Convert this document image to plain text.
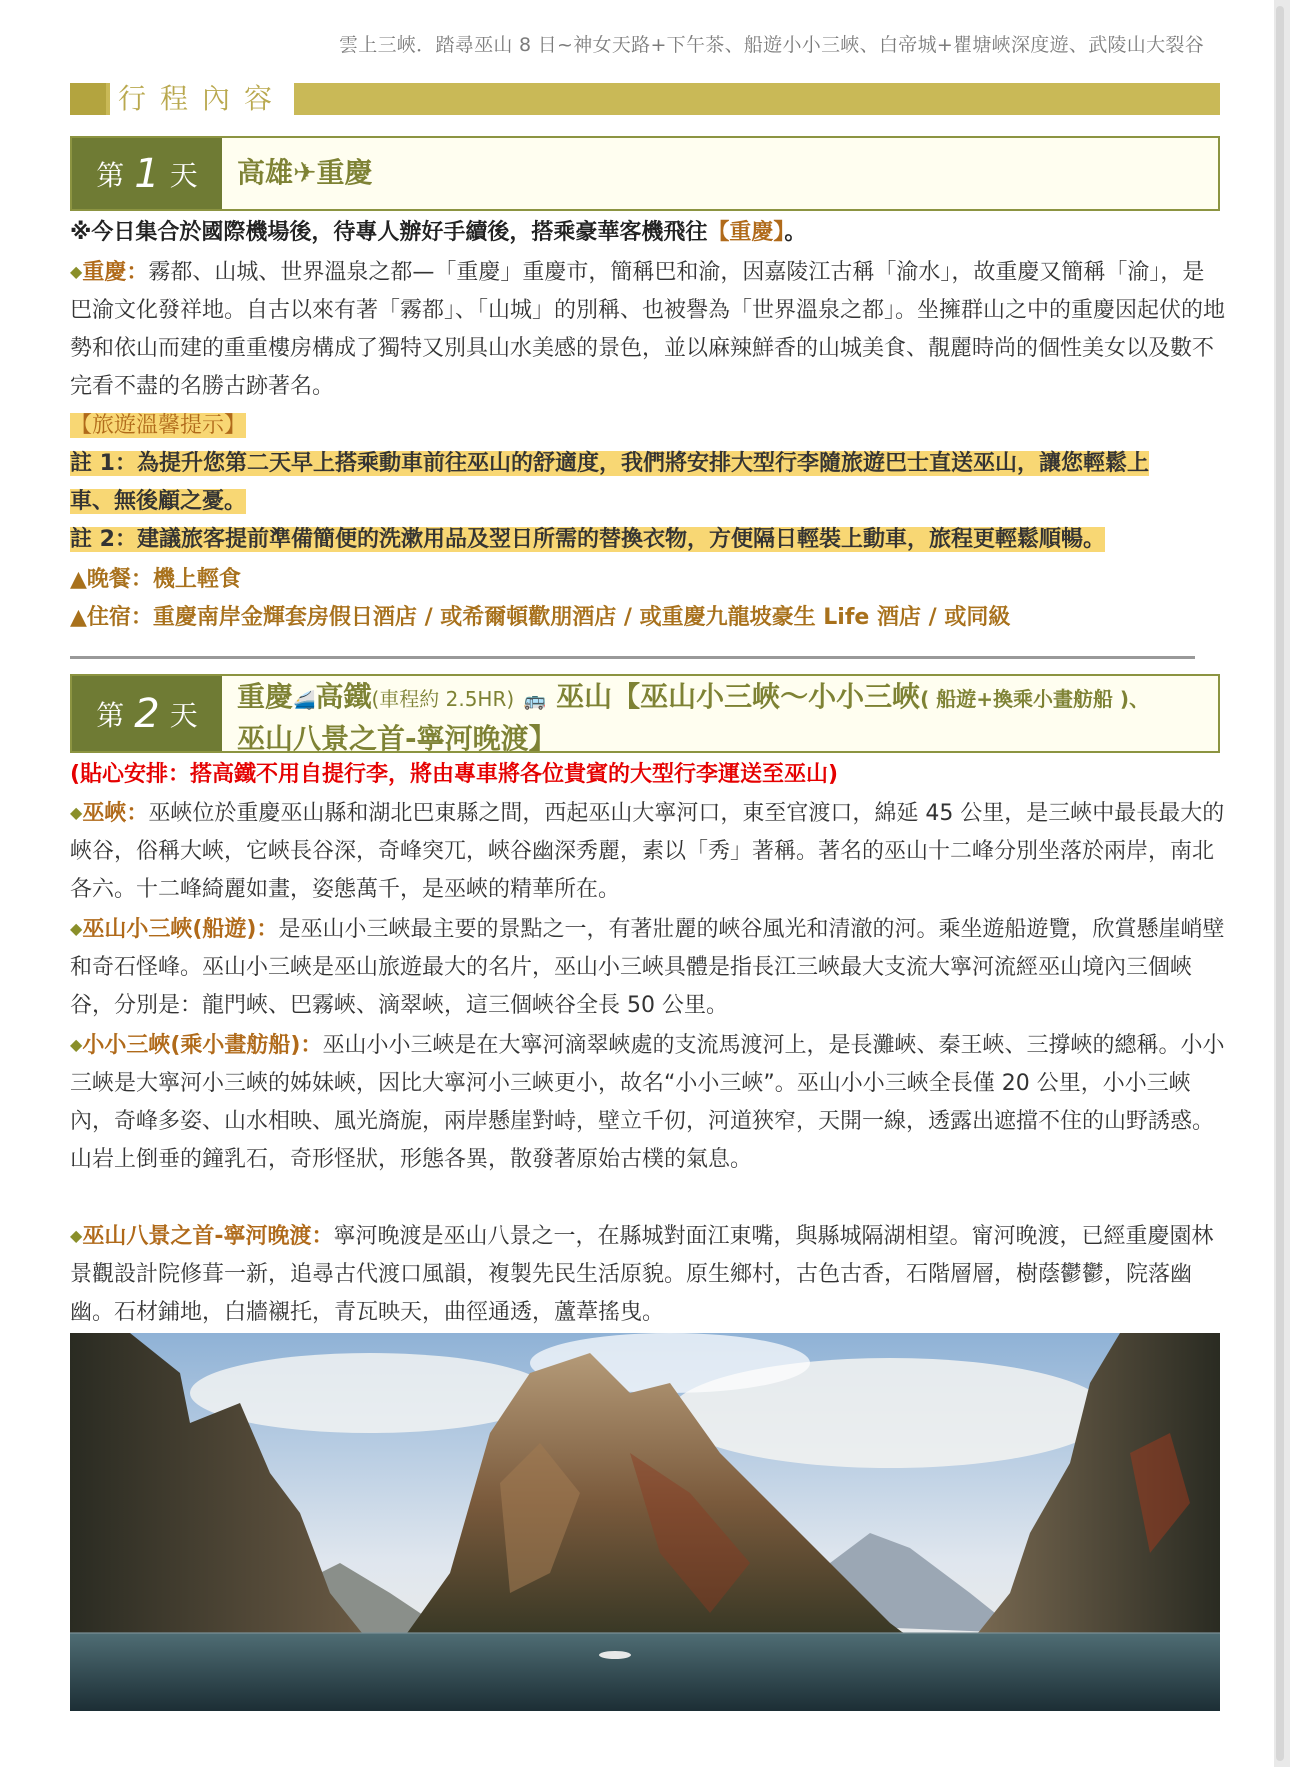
雲上三峽．踏尋巫山 8 日~神女天路+下午茶、船遊小小三峽、白帝城+瞿塘峽深度遊、武陵山大裂谷
行程內容
第 1 天 高雄✈重慶
※今日集合於國際機場後，待專人辦好手續後，搭乘豪華客機飛往【重慶】。
◆重慶：霧都、山城、世界溫泉之都—「重慶」重慶市，簡稱巴和渝，因嘉陵江古稱「渝水」，故重慶又簡稱「渝」，是巴渝文化發祥地。自古以來有著「霧都」、「山城」的別稱、也被譽為「世界溫泉之都」。坐擁群山之中的重慶因起伏的地勢和依山而建的重重樓房構成了獨特又別具山水美感的景色，並以麻辣鮮香的山城美食、靚麗時尚的個性美女以及數不完看不盡的名勝古跡著名。
【旅遊溫馨提示】
註 1：為提升您第二天早上搭乘動車前往巫山的舒適度，我們將安排大型行李隨旅遊巴士直送巫山，讓您輕鬆上
車、無後顧之憂。
註 2：建議旅客提前準備簡便的洗漱用品及翌日所需的替換衣物，方便隔日輕裝上動車，旅程更輕鬆順暢。
▲晚餐：機上輕食
▲住宿：重慶南岸金輝套房假日酒店 / 或希爾頓歡朋酒店 / 或重慶九龍坡豪生 Life 酒店 / 或同級
第 2 天
重慶🚄高鐵(車程約 2.5HR) 🚌 巫山【巫山小三峽～小小三峽( 船遊+換乘小畫舫船 )、
巫山八景之首-寧河晚渡】
(貼心安排：搭高鐵不用自提行李，將由專車將各位貴賓的大型行李運送至巫山)
◆巫峽：巫峽位於重慶巫山縣和湖北巴東縣之間，西起巫山大寧河口，東至官渡口，綿延 45 公里，是三峽中最長最大的峽谷，俗稱大峽，它峽長谷深，奇峰突兀，峽谷幽深秀麗，素以「秀」著稱。著名的巫山十二峰分別坐落於兩岸，南北各六。十二峰綺麗如畫，姿態萬千，是巫峽的精華所在。
◆巫山小三峽(船遊)：是巫山小三峽最主要的景點之一，有著壯麗的峽谷風光和清澈的河。乘坐遊船遊覽，欣賞懸崖峭壁和奇石怪峰。巫山小三峽是巫山旅遊最大的名片，巫山小三峽具體是指長江三峽最大支流大寧河流經巫山境內三個峽谷，分別是：龍門峽、巴霧峽、滴翠峽，這三個峽谷全長 50 公里。
◆小小三峽(乘小畫舫船)：巫山小小三峽是在大寧河滴翠峽處的支流馬渡河上，是長灘峽、秦王峽、三撐峽的總稱。小小三峽是大寧河小三峽的姊妹峽，因比大寧河小三峽更小，故名“小小三峽”。巫山小小三峽全長僅 20 公里，小小三峽內，奇峰多姿、山水相映、風光旖旎，兩岸懸崖對峙，壁立千仞，河道狹窄，天開一線，透露出遮擋不住的山野誘惑。山岩上倒垂的鐘乳石，奇形怪狀，形態各異，散發著原始古樸的氣息。
◆巫山八景之首-寧河晚渡：寧河晚渡是巫山八景之一，在縣城對面江東嘴，與縣城隔湖相望。甯河晚渡，已經重慶園林景觀設計院修葺一新，追尋古代渡口風韻，複製先民生活原貌。原生鄉村，古色古香，石階層層，樹蔭鬱鬱，院落幽幽。石材鋪地，白牆襯托，青瓦映天，曲徑通透，蘆葦搖曳。
